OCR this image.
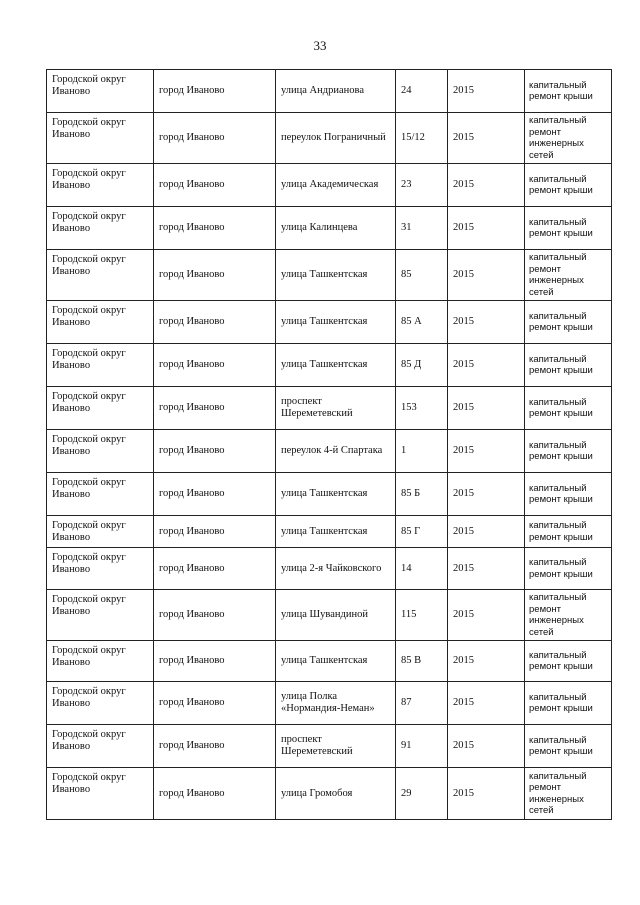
33
Городской округ Иваново	город Иваново	улица Андрианова	24	2015	капитальный ремонт крыши
Городской округ Иваново	город Иваново	переулок Пограничный	15/12	2015	капитальный ремонт инженерных сетей
Городской округ Иваново	город Иваново	улица Академическая	23	2015	капитальный ремонт крыши
Городской округ Иваново	город Иваново	улица Калинцева	31	2015	капитальный ремонт крыши
Городской округ Иваново	город Иваново	улица Ташкентская	85	2015	капитальный ремонт инженерных сетей
Городской округ Иваново	город Иваново	улица Ташкентская	85 А	2015	капитальный ремонт крыши
Городской округ Иваново	город Иваново	улица Ташкентская	85 Д	2015	капитальный ремонт крыши
Городской округ Иваново	город Иваново	проспект Шереметевский	153	2015	капитальный ремонт крыши
Городской округ Иваново	город Иваново	переулок 4-й Спартака	1	2015	капитальный ремонт крыши
Городской округ Иваново	город Иваново	улица Ташкентская	85 Б	2015	капитальный ремонт крыши
Городской округ Иваново	город Иваново	улица Ташкентская	85 Г	2015	капитальный ремонт крыши
Городской округ Иваново	город Иваново	улица 2-я Чайковского	14	2015	капитальный ремонт крыши
Городской округ Иваново	город Иваново	улица Шувандиной	115	2015	капитальный ремонт инженерных сетей
Городской округ Иваново	город Иваново	улица Ташкентская	85 В	2015	капитальный ремонт крыши
Городской округ Иваново	город Иваново	улица Полка «Нормандия-Неман»	87	2015	капитальный ремонт крыши
Городской округ Иваново	город Иваново	проспект Шереметевский	91	2015	капитальный ремонт крыши
Городской округ Иваново	город Иваново	улица Громобоя	29	2015	капитальный ремонт инженерных сетей
